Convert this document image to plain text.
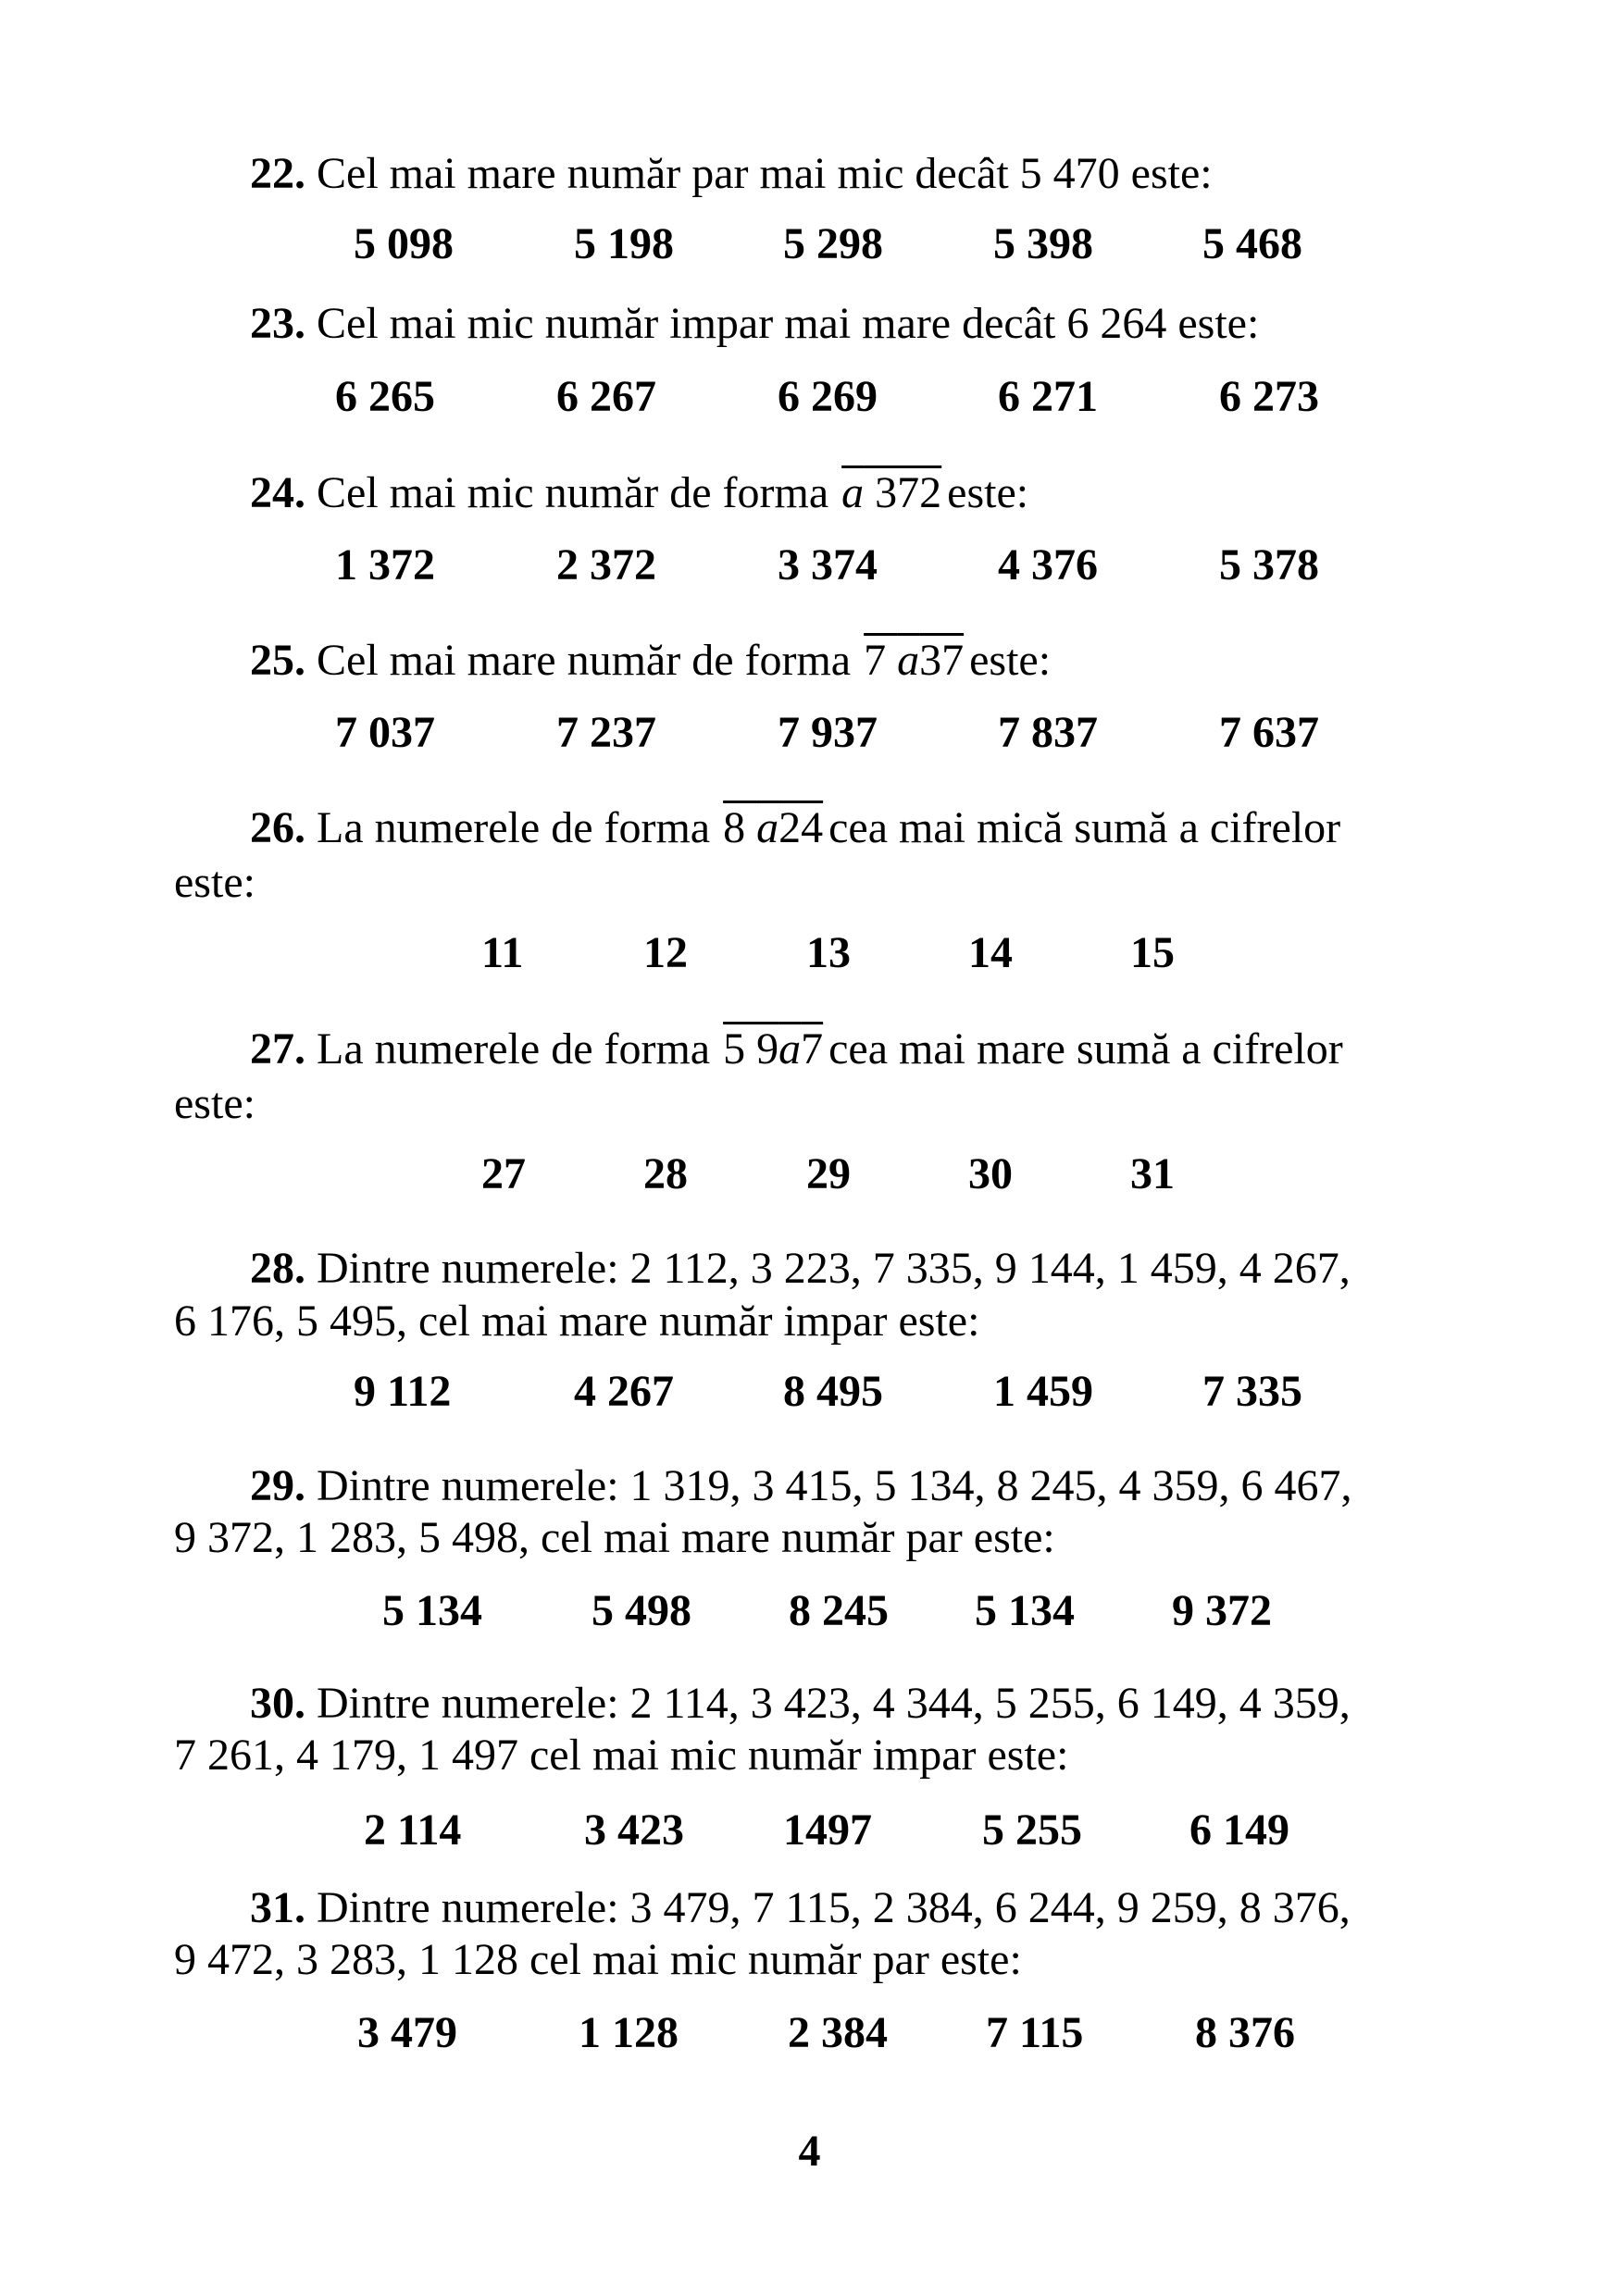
22. Cel mai mare număr par mai mic decât 5 470 este:
5 098	5 198 5 298 5 398 5 468
23. Cel mai mic număr impar mai mare decât 6 264 este:
6 265	6 267	6 269	6 271	6 273
24. Cel mai mic număr de forma a 372 este:
1 372	2 372	3 374	4 376	5 378
25. Cel mai mare număr de forma 7 a37 este:
7 037	7 237	7 937	7 837	7 637
26. La numerele de forma 8 a24 cea mai mică sumă a cifrelor
este:
11	12	13	14	15
27. La numerele de forma 5 9a7 cea mai mare sumă a cifrelor
este:
27	28	29	30	31
28. Dintre numerele: 2 112, 3 223, 7 335, 9 144, 1 459, 4 267,
6 176, 5 495, cel mai mare număr impar este:
9 112	4 267 8 495 1 459 7 335
29. Dintre numerele: 1 319, 3 415, 5 134, 8 245, 4 359, 6 467,
9 372, 1 283, 5 498, cel mai mare număr par este:
5 134 5 498 8 245 5 134 9 372
30. Dintre numerele: 2 114, 3 423, 4 344, 5 255, 6 149, 4 359,
7 261, 4 179, 1 497 cel mai mic număr impar este:
2 114	3 423 1497 5 255 6 149
31. Dintre numerele: 3 479, 7 115, 2 384, 6 244, 9 259, 8 376,
9 472, 3 283, 1 128 cel mai mic număr par este:
3 479	1 128 2 384 7 115	8 376
4
